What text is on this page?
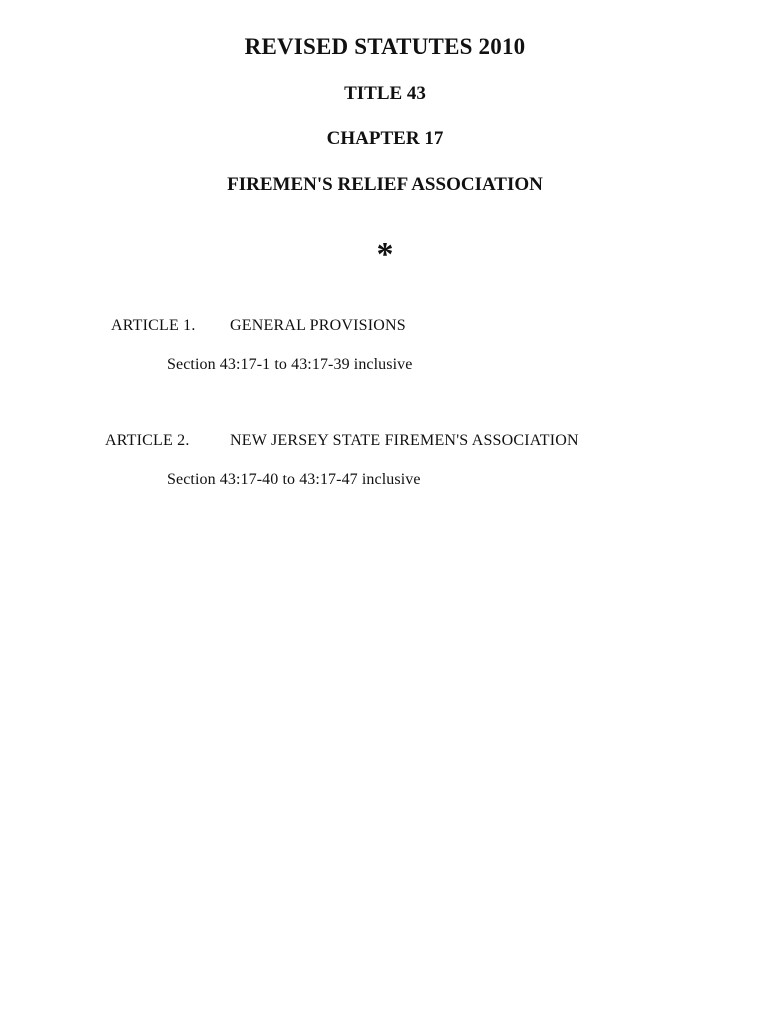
REVISED STATUTES 2010
TITLE 43
CHAPTER 17
FIREMEN'S RELIEF ASSOCIATION
*
ARTICLE 1. GENERAL PROVISIONS
Section 43:17-1 to 43:17-39 inclusive
ARTICLE 2.	NEW JERSEY STATE FIREMEN'S ASSOCIATION
Section 43:17-40 to 43:17-47 inclusive
